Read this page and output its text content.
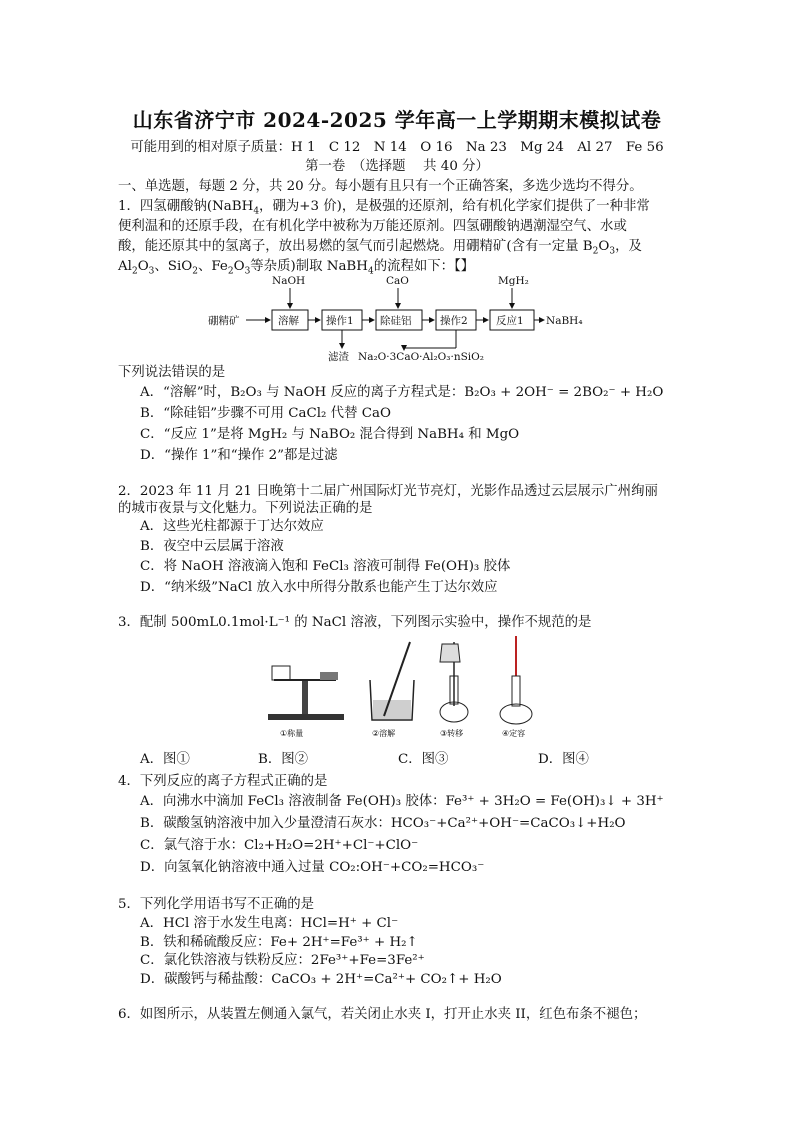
山东省济宁市 2024-2025 学年高一上学期期末模拟试卷
可能用到的相对原子质量：H 1　C 12　N 14　O 16　Na 23　Mg 24　Al 27　Fe 56
第一卷　（选择题　 共 40 分）
一、单选题，每题 2 分，共 20 分。每小题有且只有一个正确答案，多选少选均不得分。
1．四氢硼酸钠(NaBH$_4$，硼为+3 价)，是极强的还原剂，给有机化学家们提供了一种非常
便利温和的还原手段，在有机化学中被称为万能还原剂。四氢硼酸钠遇潮湿空气、水或
酸，能还原其中的氢离子，放出易燃的氢气而引起燃烧。用硼精矿(含有一定量 $B_2O_3$，及
$Al_2O_3$、SiO$_2$、$Fe_2O_3$等杂质)制取 NaBH$_4$的流程如下：【】
硼精矿	溶解	操作1	除硅铝	操作2	反应1 NaBH₄
NaOH	CaO	MgH₂
滤渣 Na₂O·3CaO·Al₂O₃·nSiO₂
下列说法错误的是
A．“溶解”时，B₂O₃ 与 NaOH 反应的离子方程式是：B₂O₃ + 2OH⁻ = 2BO₂⁻ + H₂O
B．“除硅铝”步骤不可用 CaCl₂ 代替 CaO
C．“反应 1”是将 MgH₂ 与 NaBO₂ 混合得到 NaBH₄ 和 MgO
D．“操作 1”和“操作 2”都是过滤
2．2023 年 11 月 21 日晚第十二届广州国际灯光节亮灯，光影作品透过云层展示广州绚丽
的城市夜景与文化魅力。下列说法正确的是
A．这些光柱都源于丁达尔效应
B．夜空中云层属于溶液
C．将 NaOH 溶液滴入饱和 FeCl₃ 溶液可制得 Fe(OH)₃ 胶体
D．“纳米级”NaCl 放入水中所得分散系也能产生丁达尔效应
3．配制 500mL0.1mol·L⁻¹ 的 NaCl 溶液，下列图示实验中，操作不规范的是
①称量	②溶解	③转移	④定容
A．图①	B．图②	C．图③	D．图④
4．下列反应的离子方程式正确的是
A．向沸水中滴加 FeCl₃ 溶液制备 Fe(OH)₃ 胶体：Fe³⁺ + 3H₂O = Fe(OH)₃↓ + 3H⁺
B．碳酸氢钠溶液中加入少量澄清石灰水：HCO₃⁻+Ca²⁺+OH⁻=CaCO₃↓+H₂O
C．氯气溶于水：Cl₂+H₂O=2H⁺+Cl⁻+ClO⁻
D．向氢氧化钠溶液中通入过量 CO₂:OH⁻+CO₂=HCO₃⁻
5．下列化学用语书写不正确的是
A．HCl 溶于水发生电离：HCl=H⁺ + Cl⁻
B．铁和稀硫酸反应：Fe+ 2H⁺=Fe³⁺ + H₂↑
C．氯化铁溶液与铁粉反应：2Fe³⁺+Fe=3Fe²⁺
D．碳酸钙与稀盐酸：CaCO₃ + 2H⁺=Ca²⁺+ CO₂↑+ H₂O
6．如图所示，从装置左侧通入氯气，若关闭止水夹 I，打开止水夹 II，红色布条不褪色；
